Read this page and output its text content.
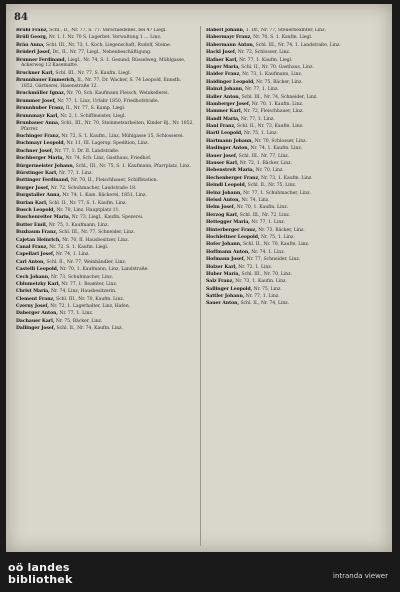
84

Brühl Franz, Schl., II., Nr. 77, S. 77. Verschiedenes, bei 47 Liegl.

Brüll Georg, Nr. 1. I. Nr. 70 S. Lagerbet. Verwaltung 1 … Linz.

Bräu Anna, Schl. III., Nr. 73, 1. Koch, Liegenschaft, Rudolf, Steine.

Brüderl Josef, Dr., II., Nr. 77, Liegl., Nebenbeschäftigung.

Brunner Ferdinand, Liegl., Nr. 74, S. 1. Gesund, Rüsselweg, Mühlgasse, Ackerweg 12 Kasematte.

Bruckner Karl, Schl. III., Nr. 77, S. Kaufm. Liegl.

Brunnbauer Emmerich, II., Nr. 77, Dr. Wacker, S. 74 Leopold, Ennsth. 1852, Gärtnerei, Hasenstraße 12.

Bruckmüller Ignaz, Nr. 70, Sch. Kaufmann Fleisch, Weinkellerei.

Brummer Josef, Nr. 77, 1. Linz, Urfahr 1850, Friedhofstraße.

Brunnhuber Franz, II., Nr. 77, S. Kamp. Liegl.

Brunnmayr Karl, Nr. 2, 1. Schiffmeister, Liegl.

Brunbauer Anna, Schl., III., Nr. 70, Steinmetzarbeiten, Kinder Bj., Nr. 1852, Pfarrer.

Buchinger Franz, Nr. 72, S. 1. Kaufm., Linz, Mühlgasse 15, Schlosserei.

Buchmayr Leopold, Nr. 11, III. Lagersp. Spedition, Linz.

Buchner Josef, Nr. 77, 1. Dr. II. Landstraße.

Buchberger Maria, Nr. 74, Sch. Linz, Gasthaus, Friedhof.

Bürgermeister Johann, Schl., III., Nr. 75, S. 1. Kaufmann, Pfarrplatz, Linz.

Bürstinger Karl, Nr. 77, 1. Linz.

Buttinger Ferdinand, Nr. 70, II., Fleischhauer, Schiffstation.

Burger Josef, Nr. 72, Schuhmacher, Landstraße 18.

Burgstaller Anna, Nr. 74, 1. Kam. Bäckerei, 1851, Linz.

Burian Karl, Schl. II., Nr. 77, S. 1. Kaufm. Linz.

Busch Leopold, Nr. 70, Linz, Hauptplatz 11.

Buschenreiter Maria, Nr. 73, Liegl., Kaufm. Spezerei.

Butter Emil, Nr. 75, 1. Kaufmann, Linz.

Buxbaum Franz, Schl. III., Nr. 77, Schneider, Linz.

Cajetan Heinrich, Nr. 70, II. Hausbesitzer, Linz.

Canal Franz, Nr. 72, S. 1. Kaufm. Liegl.

Capellari Josef, Nr. 74, 1. Linz.

Carl Anton, Schl. II., Nr. 77, Weinhändler, Linz.

Castelli Leopold, Nr. 70, 1. Kaufmann, Linz, Landstraße.

Cech Johann, Nr. 73, Schuhmacher, Linz.

Chlumetzky Karl, Nr. 77, 1. Beamter, Linz.

Christ Maria, Nr. 74, Linz, Hausbesitzerin.

Clement Franz, Schl. III., Nr. 70, Kaufm. Linz.

Czerny Josef, Nr. 72, 1. Lagerhalter, Linz, Hafen.

Daberger Anton, Nr. 77, 1. Linz.

Dachauer Karl, Nr. 75, Bäcker, Linz.

Dallinger Josef, Schl. II., Nr. 74, Kaufm. Linz.

Haberl Johann, 1. Dr., Nr. 77, Steuerbeamter, Linz.

Habermayr Franz, Nr. 70, S. 1. Kaufm. Liegl.

Habermann Anton, Schl. III., Nr. 74, 1. Landstraße, Linz.

Hackl Josef, Nr. 72, Schlosser, Linz.

Hafner Karl, Nr. 77, 1. Kaufm. Liegl.

Hager Maria, Schl. II., Nr. 70, Gasthaus, Linz.

Haider Franz, Nr. 73, 1. Kaufmann, Linz.

Haidinger Leopold, Nr. 75, Bäcker, Linz.

Hainzl Johann, Nr. 77, 1. Linz.

Haller Anton, Schl. III., Nr. 74, Schneider, Linz.

Hamberger Josef, Nr. 70, 1. Kaufm. Linz.

Hammer Karl, Nr. 72, Fleischhauer, Linz.

Handl Maria, Nr. 77, 1. Linz.

Hanl Franz, Schl. II., Nr. 73, Kaufm. Linz.

Hartl Leopold, Nr. 75, 1. Linz.

Hartmann Johann, Nr. 70, Schlosser, Linz.

Haslinger Anton, Nr. 74, 1. Kaufm. Linz.

Hauer Josef, Schl. III., Nr. 77, Linz.

Hauser Karl, Nr. 72, 1. Bäcker, Linz.

Hebenstreit Maria, Nr. 70, Linz.

Hechenberger Franz, Nr. 73, 1. Kaufm. Linz.

Heindl Leopold, Schl. II., Nr. 75, Linz.

Heinz Johann, Nr. 77, 1. Schuhmacher, Linz.

Heissl Anton, Nr. 74, Linz.

Helm Josef, Nr. 70, 1. Kaufm. Linz.

Herzog Karl, Schl. III., Nr. 72, Linz.

Hettegger Maria, Nr. 77, 1. Linz.

Hinterberger Franz, Nr. 73, Bäcker, Linz.

Hochleitner Leopold, Nr. 75, 1. Linz.

Hofer Johann, Schl. II., Nr. 70, Kaufm. Linz.

Hoffmann Anton, Nr. 74, 1. Linz.

Hofmann Josef, Nr. 77, Schneider, Linz.

Holzer Karl, Nr. 72, 1. Linz.

Huber Maria, Schl. III., Nr. 70, Linz.

Salz Franz, Nr. 73, 1. Kaufm. Linz.

Sallinger Leopold, Nr. 75, Linz.

Sattler Johann, Nr. 77, 1. Linz.

Sauer Anton, Schl. II., Nr. 74, Linz.

oö landes
bibliothek	intranda viewer
